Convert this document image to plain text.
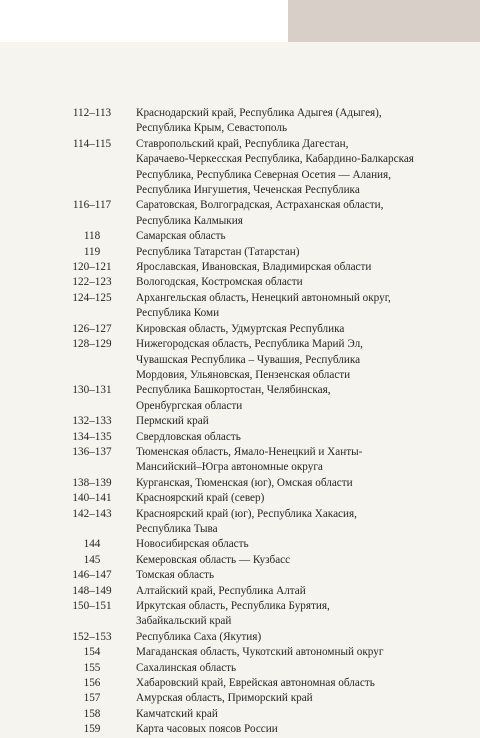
112–113	Краснодарский край, Республика Адыгея (Адыгея),
Республика Крым, Севастополь
114–115	Ставропольский край, Республика Дагестан,
Карачаево-Черкесская Республика, Кабардино-Балкарская
Республика, Республика Северная Осетия — Алания,
Республика Ингушетия, Чеченская Республика
116–117	Саратовская, Волгоградская, Астраханская области,
Республика Калмыкия
118	Самарская область
119	Республика Татарстан (Татарстан)
120–121	Ярославская, Ивановская, Владимирская области
122–123	Вологодская, Костромская области
124–125	Архангельская область, Ненецкий автономный округ,
Республика Коми
126–127	Кировская область, Удмуртская Республика
128–129	Нижегородская область, Республика Марий Эл,
Чувашская Республика – Чувашия, Республика
Мордовия, Ульяновская, Пензенская области
130–131	Республика Башкортостан, Челябинская,
Оренбургская области
132–133	Пермский край
134–135	Свердловская область
136–137	Тюменская область, Ямало-Ненецкий и Ханты-
Мансийский–Югра автономные округа
138–139	Курганская, Тюменская (юг), Омская области
140–141	Красноярский край (север)
142–143	Красноярский край (юг), Республика Хакасия,
Республика Тыва
144	Новосибирская область
145	Кемеровская область — Кузбасс
146–147	Томская область
148–149	Алтайский край, Республика Алтай
150–151	Иркутская область, Республика Бурятия,
Забайкальский край
152–153	Республика Саха (Якутия)
154	Магаданская область, Чукотский автономный округ
155	Сахалинская область
156	Хабаровский край, Еврейская автономная область
157	Амурская область, Приморский край
158	Камчатский край
159	Карта часовых поясов России
